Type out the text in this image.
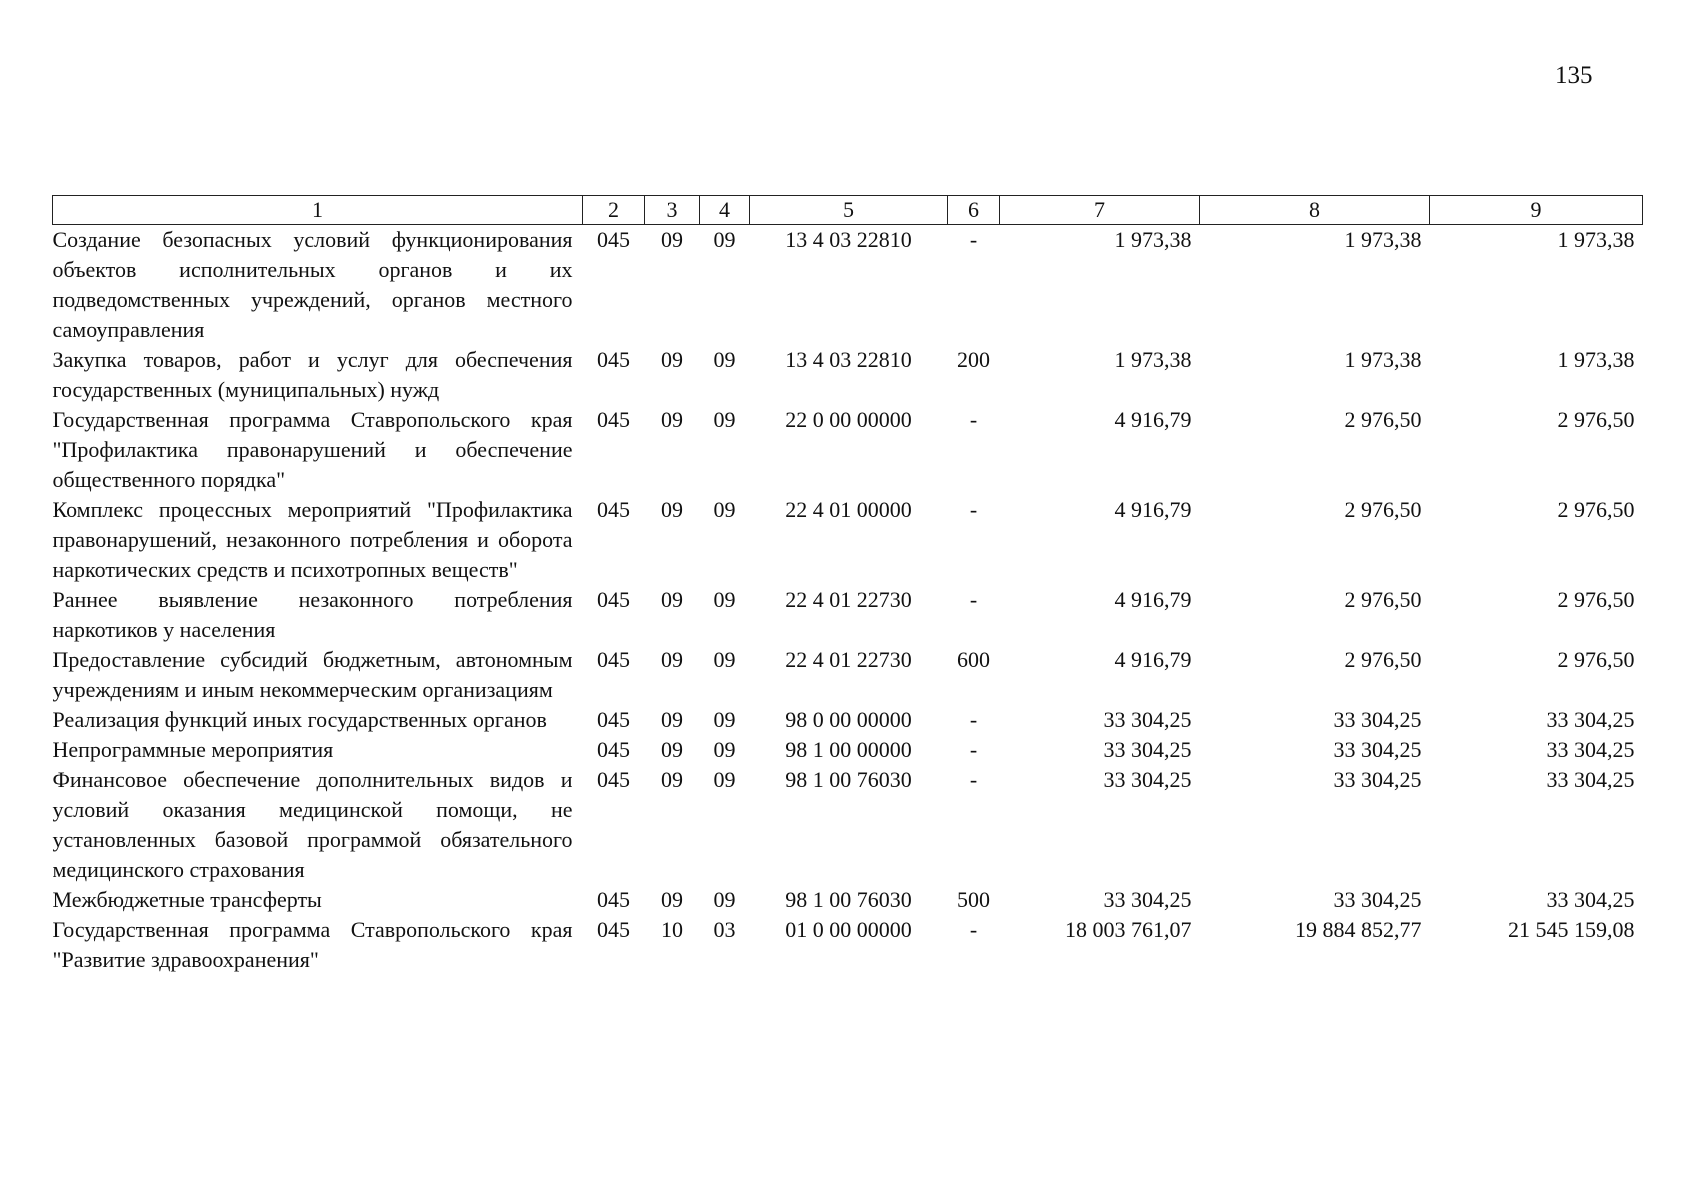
135
1	2	3	4	5	6	7	8	9
Создание безопасных условий функционирования объектов исполнительных органов и их подведомственных учреждений, органов местного самоуправления	045	09	09	13 4 03 22810	-	1 973,38	1 973,38	1 973,38
Закупка товаров, работ и услуг для обеспечения государственных (муниципальных) нужд	045	09	09	13 4 03 22810	200	1 973,38	1 973,38	1 973,38
Государственная программа Ставропольского края "Профилактика правонарушений и обеспечение общественного порядка"	045	09	09	22 0 00 00000	-	4 916,79	2 976,50	2 976,50
Комплекс процессных мероприятий "Профилактика правонарушений, незаконного потребления и оборота наркотических средств и психотропных веществ"	045	09	09	22 4 01 00000	-	4 916,79	2 976,50	2 976,50
Раннее выявление незаконного потребления наркотиков у населения	045	09	09	22 4 01 22730	-	4 916,79	2 976,50	2 976,50
Предоставление субсидий бюджетным, автономным учреждениям и иным некоммерческим организациям	045	09	09	22 4 01 22730	600	4 916,79	2 976,50	2 976,50
Реализация функций иных государственных органов	045	09	09	98 0 00 00000	-	33 304,25	33 304,25	33 304,25
Непрограммные мероприятия	045	09	09	98 1 00 00000	-	33 304,25	33 304,25	33 304,25
Финансовое обеспечение дополнительных видов и условий оказания медицинской помощи, не установленных базовой программой обязательного медицинского страхования	045	09	09	98 1 00 76030	-	33 304,25	33 304,25	33 304,25
Межбюджетные трансферты	045	09	09	98 1 00 76030	500	33 304,25	33 304,25	33 304,25
Государственная программа Ставропольского края "Развитие здравоохранения"	045	10	03	01 0 00 00000	-	18 003 761,07	19 884 852,77	21 545 159,08
